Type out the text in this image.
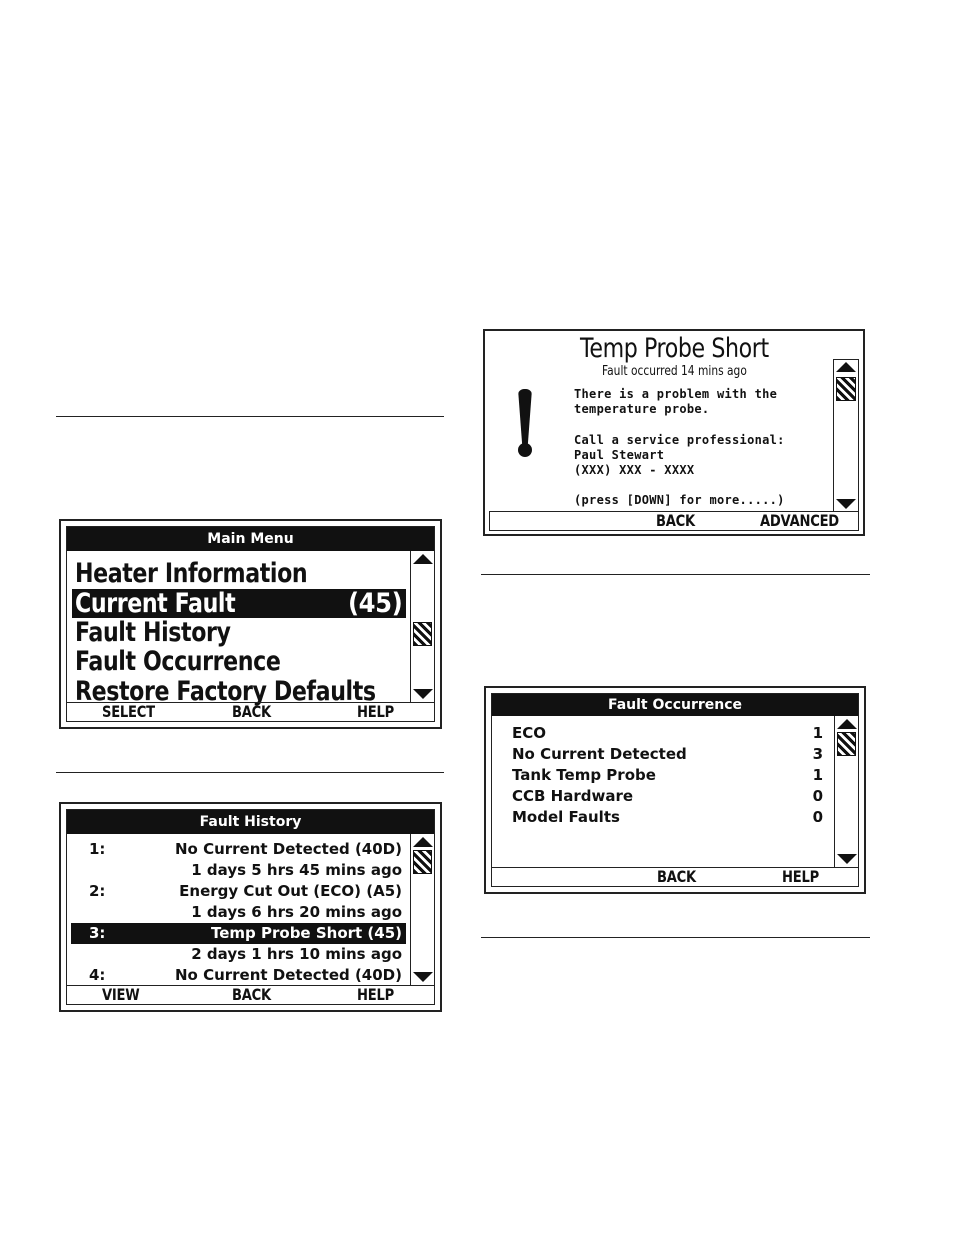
Main Menu
Heater Information
Current Fault	(45)
Fault History
Fault Occurrence
Restore Factory Defaults
SELECT	BACK	HELP
Fault History
1:	No Current Detected (40D)
1 days 5 hrs 45 mins ago
2:	Energy Cut Out (ECO) (A5)
1 days 6 hrs 20 mins ago
3:	Temp Probe Short (45)
2 days 1 hrs 10 mins ago
4:	No Current Detected (40D)
VIEW	BACK	HELP
Temp Probe Short
Fault occurred 14 mins ago
There is a problem with the
temperature probe.
Call a service professional:
Paul Stewart
(XXX) XXX - XXXX
(press [DOWN] for more.....)
BACK	ADVANCED
Fault Occurrence
ECO	1
No Current Detected	3
Tank Temp Probe	1
CCB Hardware	0
Model Faults	0
BACK	HELP
